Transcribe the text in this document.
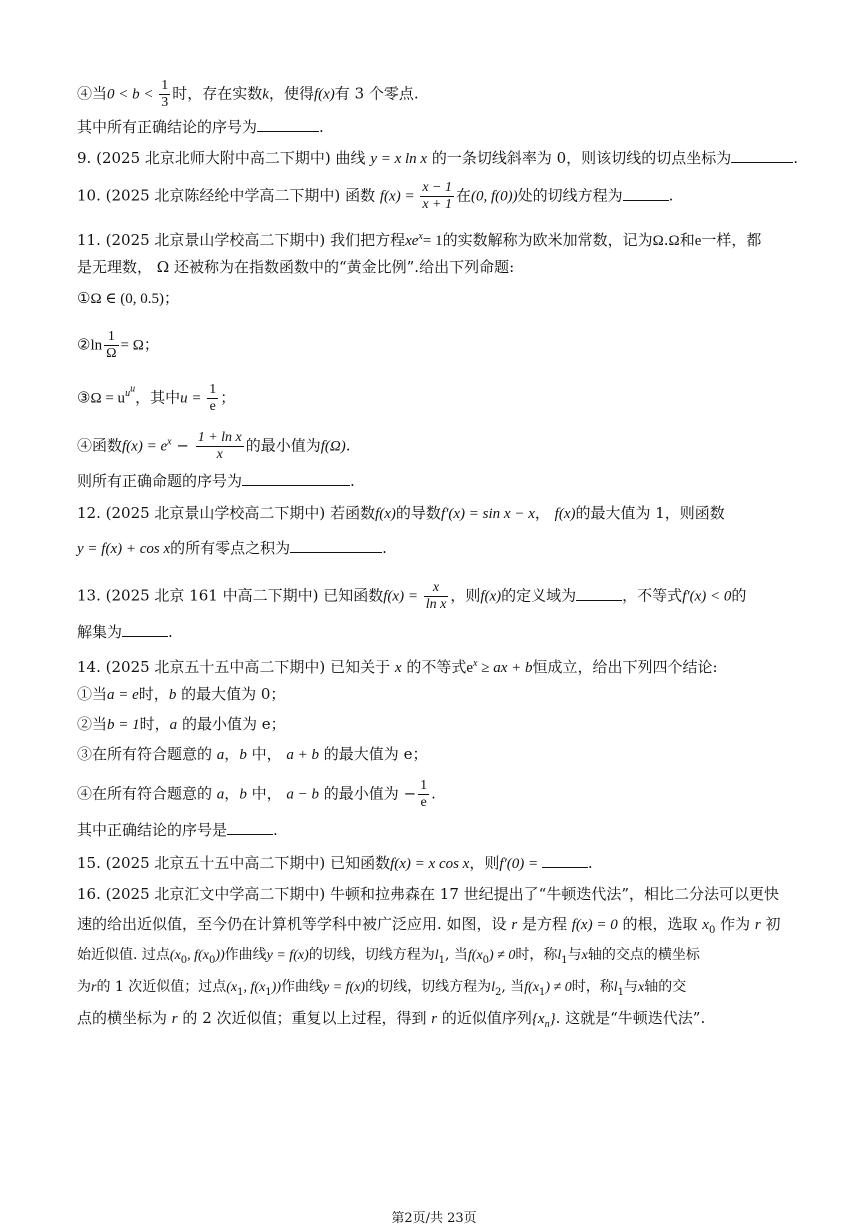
④当$0 < b < \frac{1}{3}$ 时，存在实数k，使得f(x)有 3 个零点.
其中所有正确结论的序号为	.
9. (2025 北京北师大附中高二下期中) 曲线 y = x ln x 的一条切线斜率为 0，则该切线的切点坐标为	.
10. (2025 北京陈经纶中学高二下期中) 函数 $f(x) = \frac{x - 1}{x + 1}$ 在(0, f(0))处的切线方程为	.
11. (2025 北京景山学校高二下期中) 我们把方程$xe^x= 1$的实数解称为欧米加常数，记为Ω.Ω和e一样，都
是无理数， Ω 还被称为在指数函数中的“黄金比例”.给出下列命题:
①Ω ∈ (0, 0.5)；
②ln $\frac{1}{\Omega} = \Omega$；
③Ω = $u^{u^u}$，其中$u = \frac{1}{e}$ ；
④函数$f(x) = e^x - \frac{\text{1 + ln x}}{x}$ 的最小值为f(Ω).
则所有正确命题的序号为	.
12. (2025 北京景山学校高二下期中) 若函数f(x)的导数f′(x) = sin x − x， f(x)的最大值为 1，则函数
y = f(x) + cos x的所有零点之积为	.
13. (2025 北京 161 中高二下期中) 已知函数$f(x) = \frac{x}{\text{ln x}}$ ，则f(x)的定义域为	，不等式f′(x) < 0的
解集为	.
14. (2025 北京五十五中高二下期中) 已知关于 x 的不等式$e^x$ ≥ ax + b恒成立，给出下列四个结论:
①当a = e时，b 的最大值为 0；
②当b = 1时，a 的最小值为 e；
③在所有符合题意的 a，b 中， a + b 的最大值为 e；
④在所有符合题意的 a，b 中， a − b 的最小值为 − $\frac{1}{e}$ .
其中正确结论的序号是	.
15. (2025 北京五十五中高二下期中) 已知函数f(x) = x cos x，则f′(0) =	.
16. (2025 北京汇文中学高二下期中) 牛顿和拉弗森在 17 世纪提出了“牛顿迭代法”，相比二分法可以更快
速的给出近似值，至今仍在计算机等学科中被广泛应用. 如图，设 r 是方程 f(x) = 0 的根，选取 $x_0$ 作为 r 初
始近似值. 过点($x_0$, $f(x_0)$)作曲线y = f(x)的切线，切线方程为$l_1$, 当$f(x_0) \ne 0$时，称$l_1$与x轴的交点的横坐标
为r的 1 次近似值；过点($x_1$, $f(x_1)$)作曲线y = f(x)的切线，切线方程为$l_2$, 当$f(x_1) \ne 0$时，称$l_1$与x轴的交
点的横坐标为 r 的 2 次近似值；重复以上过程，得到 r 的近似值序列$\{x_n\}$. 这就是“牛顿迭代法”.
第2页/共 23页
